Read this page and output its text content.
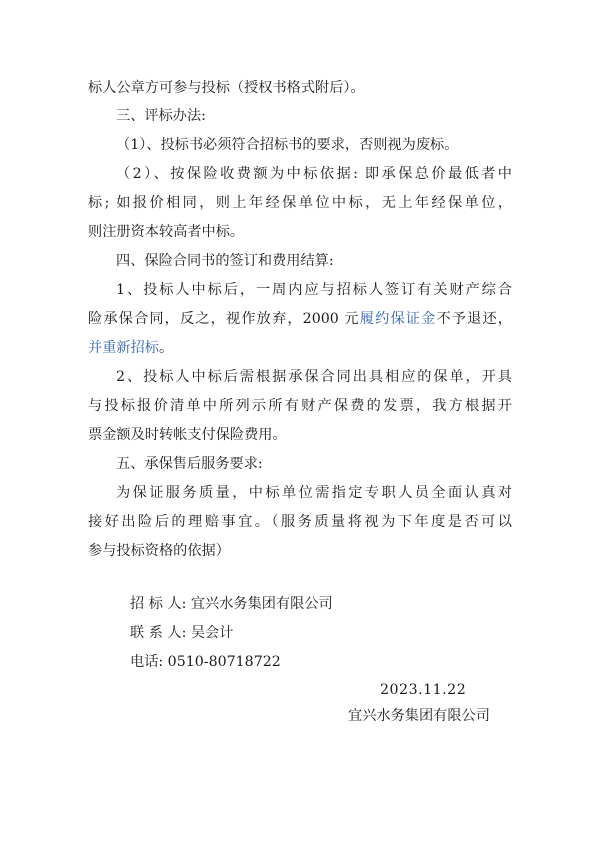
标人公章方可参与投标（授权书格式附后）。
三、评标办法:
（1）、投标书必须符合招标书的要求，否则视为废标。
（2）、按保险收费额为中标依据: 即承保总价最低者中
标; 如报价相同，则上年经保单位中标，无上年经保单位，
则注册资本较高者中标。
四、保险合同书的签订和费用结算:
1、投标人中标后，一周内应与招标人签订有关财产综合
险承保合同，反之，视作放弃，2000 元履约保证金不予退还，
并重新招标。
2、投标人中标后需根据承保合同出具相应的保单，开具
与投标报价清单中所列示所有财产保费的发票，我方根据开
票金额及时转帐支付保险费用。
五、承保售后服务要求:
为保证服务质量，中标单位需指定专职人员全面认真对
接好出险后的理赔事宜。（服务质量将视为下年度是否可以
参与投标资格的依据）
招 标 人: 宜兴水务集团有限公司
联 系 人: 吴会计
电话: 0510-80718722
2023.11.22
宜兴水务集团有限公司
